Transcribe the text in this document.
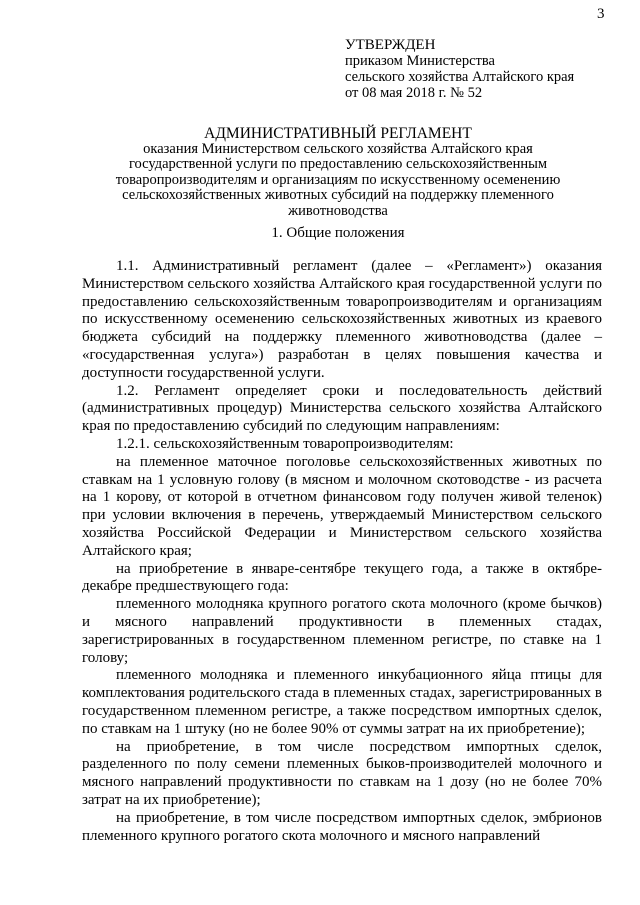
3
УТВЕРЖДЕН
приказом Министерства
сельского хозяйства Алтайского края
от 08 мая 2018 г. № 52
АДМИНИСТРАТИВНЫЙ РЕГЛАМЕНТ
оказания Министерством сельского хозяйства Алтайского края
государственной услуги по предоставлению сельскохозяйственным
товаропроизводителям и организациям по искусственному осеменению
сельскохозяйственных животных субсидий на поддержку племенного
животноводства
1. Общие положения

1.1. Административный регламент (далее – «Регламент») оказания Министерством сельского хозяйства Алтайского края государственной услуги по предоставлению сельскохозяйственным товаропроизводителям и организациям по искусственному осеменению сельскохозяйственных животных из краевого бюджета субсидий на поддержку племенного животноводства (далее – «государственная услуга») разработан в целях повышения качества и доступности государственной услуги.

1.2. Регламент определяет сроки и последовательность действий (административных процедур) Министерства сельского хозяйства Алтайского края по предоставлению субсидий по следующим направлениям:

1.2.1. сельскохозяйственным товаропроизводителям:

на племенное маточное поголовье сельскохозяйственных животных по ставкам на 1 условную голову (в мясном и молочном скотоводстве - из расчета на 1 корову, от которой в отчетном финансовом году получен живой теленок) при условии включения в перечень, утверждаемый Министерством сельского хозяйства Российской Федерации и Министерством сельского хозяйства Алтайского края;

на приобретение в январе-сентябре текущего года, а также в октябре-декабре предшествующего года:

племенного молодняка крупного рогатого скота молочного (кроме бычков) и мясного направлений продуктивности в племенных стадах, зарегистрированных в государственном племенном регистре, по ставке на 1 голову;

племенного молодняка и племенного инкубационного яйца птицы для комплектования родительского стада в племенных стадах, зарегистрированных в государственном племенном регистре, а также посредством импортных сделок, по ставкам на 1 штуку (но не более 90% от суммы затрат на их приобретение);

на приобретение, в том числе посредством импортных сделок, разделенного по полу семени племенных быков-производителей молочного и мясного направлений продуктивности по ставкам на 1 дозу (но не более 70% затрат на их приобретение);

на приобретение, в том числе посредством импортных сделок, эмбрионов племенного крупного рогатого скота молочного и мясного направлений
